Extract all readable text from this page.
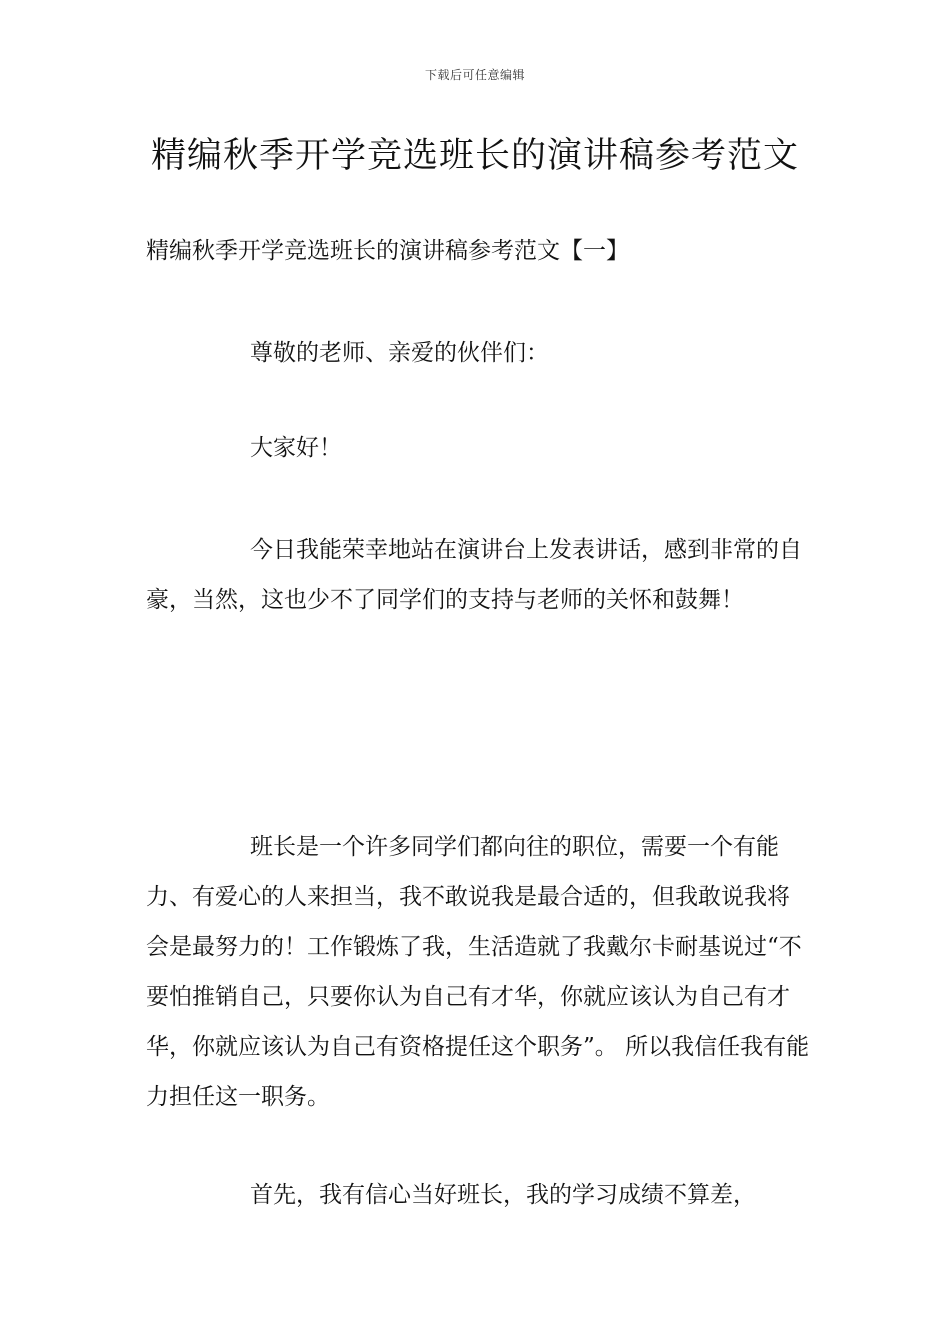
下载后可任意编辑
精编秋季开学竞选班长的演讲稿参考范文
精编秋季开学竞选班长的演讲稿参考范文【一】

尊敬的老师、亲爱的伙伴们：

大家好！

今日我能荣幸地站在演讲台上发表讲话，感到非常的自豪，当然，这也少不了同学们的支持与老师的关怀和鼓舞！

班长是一个许多同学们都向往的职位，需要一个有能力、有爱心的人来担当，我不敢说我是最合适的，但我敢说我将会是最努力的！工作锻炼了我，生活造就了我戴尔卡耐基说过“不要怕推销自己，只要你认为自己有才华，你就应该认为自己有才华，你就应该认为自己有资格提任这个职务”。 所以我信任我有能力担任这一职务。

首先，我有信心当好班长，我的学习成绩不算差，
